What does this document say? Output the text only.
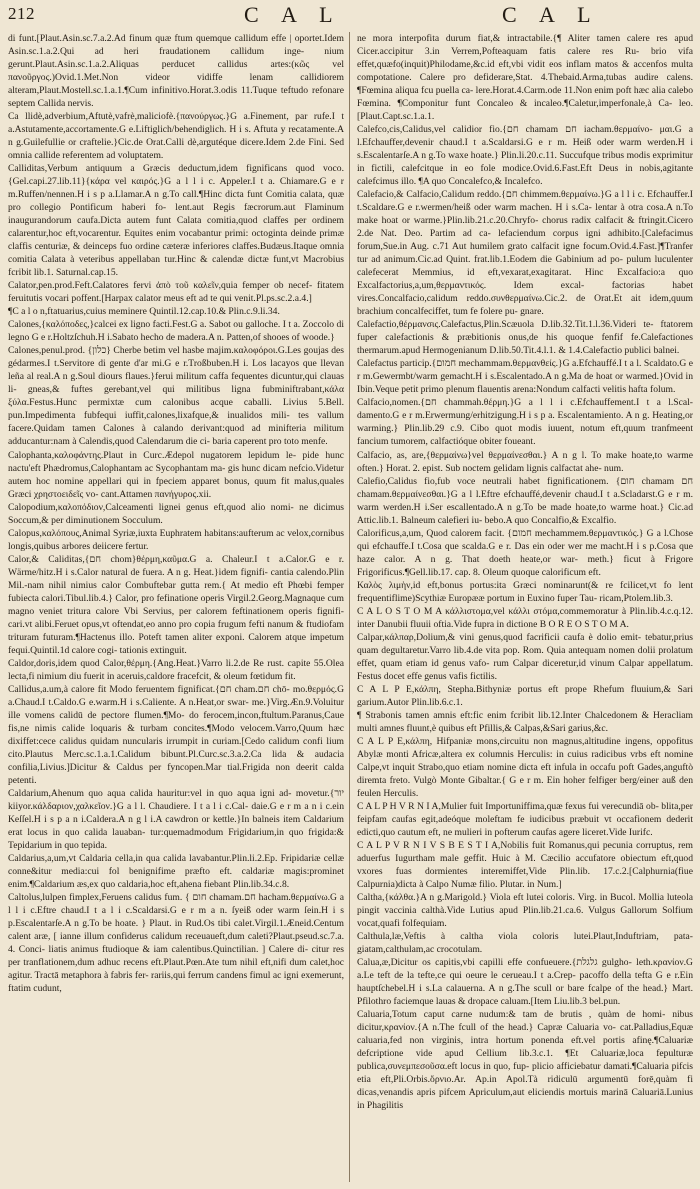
212	C A L	C A L

di funt.[Plaut.Asin.sc.7.a.2.Ad finum quæ ftum quemque callidum effe | oportet.Idem Asin.sc.1.a.2.Qui ad heri fraudationem callidum inge- nium gerunt.Plaut.Asin.sc.1.a.2.Aliquas perducet callidus artes:(κῶς vel πανοῦργος.)Ovid.1.Met.Non videor vidiffe lenam callidiorem alteram,Plaut.Mostell.sc.1.a.1.¶Cum infinitivo.Horat.3.odis 11.Tuque teftudo refonare septem Callida nervis.

Ca llidè,adverbium,Aftutè,vafrè,maliciofè.{πανούργως.}G a.Finement, par rufe.I t a.Astutamente,accortamente.G e.Liftiglich/behendiglich. H i s. Aftuta y recatamente.A n g.Guilefullie or craftelie.}Cic.de Orat.Calli dè,argutéque dicere.Idem 2.de Fini. Sed omnia callide referentem ad voluptatem.

Calliditas,Verbum antiquum a Græcis deductum,idem fignificans quod voco.{Gel.capi.27.lib.11}{κάρα vel καιρός.}G a l l i c. Appeler.I t a. Chiamare.G e r m.Ruffen/nennen.H i s p a.Llamar.A n g.To call.¶Hinc dicta funt Comitia calata, quæ pro collegio Pontificum haberi fo- lent.aut Regis fæcrorum.aut Flaminum inaugurandorum caufa.Dicta autem funt Calata comitia,quod claffes per ordinem calarentur,hoc eft,vocarentur. Equites enim vocabantur primi: octoginta deinde primæ claffis centuriæ, & deinceps fuo ordine cæteræ inferiores claffes.Budæus.Itaque omnia comitia Calata à veteribus appellaban tur.Hinc & calendæ dictæ funt,vt Macrobius fcribit lib.1. Saturnal.cap.15.

Calator,pen.prod.Feft.Calatores fervi ἀπὸ τοῦ καλεῖν,quia femper ob necef- fitatem feruitutis vocari poffent.[Harpax calator meus eft ad te qui venit.Pl.ps.sc.2.a.4.]

¶C a l o n,ftatuarius,cuius meminere Quintil.12.cap.10.& Plin.c.9.li.34.

Calones,{καλόποδες,}calcei ex ligno facti.Fest.G a. Sabot ou galloche. I t a. Zoccolo di legno G e r.Holtzſchuh.H i.Sabato hecho de madera.A n. Patten,of shooes of woode.}

Calones,penul.prod. {כלון} Cherbe betim vel hasbe majim.καλοφόροι.G.Les goujas des gédarmes.I t.Servitore di gente d'ar mi.G e r.Troßbuben.H i. Los lacayos que llevan leña al real.A n g.Soul diours flaues.}ferui militum caffa fequentes dicuntur,qui clauas li- gneas,& fuftes gerebant,vel qui militibus ligna fubminiftrabant,κάλα ξύλα.Festus.Hunc permixtæ cum calonibus acque caballi. Livius 5.Bell. pun.Impedimenta fubfequi iuffit,calones,lixafque,& inualidos mili- tes vallum facere.Quidam tamen Calones à calando derivant:quod ad minifteria militum adducantur:nam à Calendis,quod Calendarum die ci- baria caperent pro toto menfe.

Calophanta,καλοφάντης.Plaut in Curc.Ædepol nugatorem lepidum le- pide hunc nactu'eft Phædromus,Calophantam ac Sycophantam ma- gis hunc dicam nefcio.Videtur autem hoc nomine appellari qui in fpeciem apparet bonus, quum fit malus,quales Græci χρηστοειδεῖς vo- cant.Attamen πανήγυρος.xii.

Calopodium,καλοπόδιον,Calceamenti lignei genus eft,quod alio nomi- ne dicimus Soccum,& per diminutionem Socculum.

Calopus,καλόπους,Animal Syriæ,iuxta Euphratem habitans:aufterum ac velox,cornibus longis,quibus arbores deiicere fertur.

Calor,& Caliditas,{חם chom}θέρμη,καῦμα.G a. Chaleur.I t a.Calor.G e r. Wärme/hitz.H i s.Calor natural de fuera. A n g. Heat.}idem fignifi- cantia calendo.Plin Mil.-nam nihil nimius calor Combuftebar gutta rem.{ At medio eft Phœbi femper fubiecta calori.Tibul.lib.4.} Calor, pro fefinatione operis Virgil.2.Georg.Magnaque cum magno veniet tritura calore Vbi Servius, per calorem feftinationem operis fignifi- cari.vt alibi.Feruet opus,vt oftendat,eo anno pro copia frugum fefti nanum & ftudiofam trituram futuram.¶Hactenus illo. Poteft tamen aliter exponi. Calorem atque impetum fequi.Quintil.1d calore cogi- tationis extinguit.

Caldor,doris,idem quod Calor,θέρμη.{Ang.Heat.}Varro li.2.de Re rust. capite 55.Olea lecta,fi nimium diu fuerit in aceruis,caldore fracefcit, & oleum fœtidum fit.

Callidus,a.um,à calore fit Modo feruentem fignificat.{חם cham.חם chō- mo.θερμός.G a.Chaud.I t.Caldo.G e.warm.H i s.Caliente. A n.Heat,or swar- me.}Virg.Æn.9.Voluitur ille vomens calidū de pectore flumen.¶Mo- do ferocem,incon,ftultum.Paranus,Caue fis,ne nimis calide loquaris & turbam concites.¶Modo velocem.Varro,Quum hæc dixiffet:cece calidus quidam nuncularis irrumpit in curiam.[Cedo calidum confi lium cito.Plautus Merc.sc.1.a.1.Calidum bibunt.Pl.Curc.sc.3.a.2.Ca lida & audacia confilia,Livius.]Dicitur & Caldus per fyncopen.Mar tial.Frigida non deerit calda petenti.

Caldarium,Ahenum quo aqua calida hauritur:vel in quo aqua igni ad- movetur.{יור kiiyor.κάλδαριον,χαλκεῖον.}G a l l. Chaudiere. I t a l i c.Cal- daie.G e r m a n i c.ein Keſſel.H i s p a n i.Caldera.A n g l i.A cawdron or kettle.}In balneis item Caldarium erat locus in quo calida lauaban- tur:quemadmodum Frigidarium,in quo frigida:& Tepidarium in quo tepida.

Caldarius,a,um,vt Caldaria cella,in qua calida lavabantur.Plin.li.2.Ep. Fripidariæ cellæ conne&itur media:cui fol benignifime præfto eft. caldariæ magis:prominet enim.¶Caldarium æs,ex quo caldaria,hoc eft,ahena fiebant Plin.lib.34.c.8.

Caltolus,lulpen fimplex,Feruens calidus fum. { חום chamam.חם hacham.θερμαίνω.G a l l i c.Eftre chaud.I t a l i c.Scaldarsi.G e r m a n. ſyeiß oder warm ſein.H i s p.Escalentarſe.A n g.To be hoate. } Plaut. in Rud.Os tibi calet.Virgil.1.Æneid.Centum calent aræ, [ ianne illum confiderus calidum receuaueft,dum caleti?Plaut.pseud.sc.7.a. 4. Conci- liatis animus ftudioque & iam calentibus.Quinctilian. ] Calere di- citur res per tranflationem,dum adhuc recens eft.Plaut.Pœn.Ate tum nihil eft,nifi dum calet,hoc agitur. Tractā metaphora à fabris fer- rariis,qui ferrum candens fimul ac igni exemerunt, ftatim cudunt,

ne mora interpofita durum fiat,& intractabile.{¶ Aliter tamen calere res apud Cicer.accipitur 3.in Verrem,Pofteaquam fatis calere res Ru- brio vifa effet,quæfo(inquit)Philodame,&c.id eft,vbi vidit eos inflam matos & accenfos multa compotatione. Calere pro defiderare,Stat. 4.Thebaid.Arma,tubas audire calens. ¶Fœmina aliqua fcu puella ca- lere.Horat.4.Carm.ode 11.Non enim poft hæc alia calebo Fœmina. ¶Componitur funt Concaleo & incaleo.¶Caletur,imperfonale,à Ca- leo.[Plaut.Capt.sc.1.a.1.

Calefco,cis,Calidus,vel calidior fio.{חם chamam חם iacham.θερμαίνο- μαι.G a l.Efchauffer,devenir chaud.I t a.Scaldarsi.G e r m. Heiß oder warm werden.H i s.Escalentarſe.A n g.To waxe hoate.} Plin.li.20.c.11. Succufque tribus modis exprimitur in fictili, calefcitque in eo fole modice.Ovid.6.Fast.Eft Deus in nobis,agitante calefcimus illo. ¶A quo Concalefco,& Incalefco.

Calefacio,& Calfacio,Calidum reddo.{חם chimmem.θερμαίνω.}G a l l i c. Efchauffer.I t.Scaldare.G e r.wermen/heiß oder warm machen. H i s.Ca- lentar à otra cosa.A n.To make hoat or warme.}Plin.lib.21.c.20.Chryfo- chorus radix calfacit & ftringit.Cicero 2.de Nat. Deo. Partim ad ca- lefaciendum corpus igni adhibito.[Calefacimus forum,Sue.in Aug. c.71 Aut humilem grato calfacit igne focum.Ovid.4.Fast.]¶Tranfer tur ad animum.Cic.ad Quint. frat.lib.1.Eodem die Gabinium ad po- pulum luculenter calefecerat Memmius, id eft,vexarat,exagitarat. Hinc Excalfacio:a quo Excalfactorius,a,um,θερμαντικός. Idem excal- factorias habet vires.Concalfacio,calidum reddo.συνθερμαίνω.Cic.2. de Orat.Et ait idem,quum brachium concalfeciffet, tum fe folere pu- gnare.

Calefactio,θέρμανσις.Calefactus,Plin.Scæuola D.lib.32.Tit.1.l.36.Videri te- ftatorem fuper calefactionis & præbitionis onus,de his quoque fenfif fe.Calefactiones thermarum.apud Hermogenianum D.lib.50.Tit.4.l.1. & 1.4.Calefactio publici balnei.

Calefactus particip.{חמום mechammam.θερμανθείς.}G a.Efchauffé.I t a l. Scaldato.G e r m.Gewermbt/warm gemacht.H i s.Escalentado.A n g.Ma de hoat or warmed.}Ovid in Ibin.Veque petit primo plenum flauentis arena:Nondum calfacti velitis hafta folum.

Calfacio,nomen.{חם chammah.θέρμη.}G a l l i c.Efchauffement.I t a l.Scal- damento.G e r m.Erwermung/erhitzigung.H i s p a. Escalentamiento. A n g. Heating,or warming.} Plin.lib.29 c.9. Cibo quot modis iuuent, notum eft,quum tranfmeent fancium tumorem, calfactióque obiter foueant.

Calfacio, as, are,{θερμαίνω}vel θερμαίνεσθαι.} A n g l. To make hoate,to warme often.} Horat. 2. epist. Sub noctem gelidam lignis calfactat ahe- num.

Calefio,Calidus fio,fub voce neutrali habet fignificationem. {חום chamam חם chamam.θερμαίνεσθαι.}G a l l.Eftre efchauffé,devenir chaud.I t a.Scladarst.G e r m. warm werden.H i.Ser escallentado.A n g.To be made hoate,to warme hoat.} Cic.ad Attic.lib.1. Balneum calefieri iu- bebo.A quo Concalfio,& Excalfio.

Calorificus,a,um, Quod calorem facit. {חמום mechammem.θερμαντικός.} G a l.Chose qui efchauffe.I t.Cosa que scalda.G e r. Das ein oder wer me macht.H i s p.Cosa que haze calor. A n g. That doeth heate,or war- meth.} ficut à Frigore Frigorificus.¶Gell.lib.17. cap. 8. Oleum quoque calorificum eft.

Καλὸς λιμὴν,id eft,bonus portus:ita Græci nominarunt(& re fcilicet,vt fo lent frequentiflime)Scythiæ Europææ portum in Euxino fuper Tau- ricam,Ptolem.lib.3.

C A L O S T O M A κάλλιστομα,vel κάλλι στόμα,commemoratur à Plin.lib.4.c.q.12. inter Danubii fluuii oftia.Vide fupra in dictione B O R E O S T O M A.

Calpar,κάλπαρ,Dolium,& vini genus,quod facrificii caufa è dolio emit- tebatur,prius quam degultaretur.Varro lib.4.de vita pop. Rom. Quia antequam nomen dolii prolatum effet, quam etiam id genus vafo- rum Calpar diceretur,id vinum Calpar appellatum. Festus docet effe genus vafis fictilis.

C A L P E,κάλπη, Stepha.Bithyniæ portus eft prope Rhefum fluuium,& Sari garium.Autor Plin.lib.6.c.1.

¶ Strabonis tamen amnis eft:fic enim fcribit lib.12.Inter Chalcedonem & Heracliam multi amnes fluunt,è quibus eft Pfillis,& Calpas,&Sari garius,&c.

C A L P E,κάλπη, Hifpaniæ mons,circuitu non magnus,altitudine ingens, oppofitus Abylæ monti Africæ,altera ex columnis Herculis: in cuius radicibus vrbs eft nomine Calpe,vt inquit Strabo,quo etiam nomine dicta eft infula in occafu poft Gades,anguftò diremta freto. Vulgò Monte Gibaltar.{ G e r m. Ein hoher felfiger berg/einer auß den feulen Herculis.

C A L P H V R N I A,Mulier fuit Importuniffima,quæ fexus fui verecundiā ob- blita,per feipfam caufas egit,adeóque moleftam fe iudicibus præbuit vt occafionem dederit edicti,quo cautum eft, ne mulieri in pofterum caufas agere liceret.Vide Iurifc.

C A L P V R N I V S B E S T I A,Nobilis fuit Romanus,qui pecunia corruptus, rem aduerfus Iugurtham male geffit. Huic à M. Cæcilio accufatore obiectum eft,quod vxores fuas dormientes interemiffet,Vide Plin.lib. 17.c.2.[Calphurnia(fiue Calpurnia)dicta à Calpo Numæ filio. Plutar. in Num.]

Caltha,{κάλθα.}A n g.Marigold.} Viola eft lutei coloris. Virg. in Bucol. Mollia luteola pingit vaccinia calthà.Vide Lutius apud Plin.lib.21.ca.6. Vulgus Gallorum Solfium vocat,quafi folfequiam.

Calthula,læ,Veftis à caltha viola coloris lutei.Plaut,Induftriam, pata- giatam,calthulam,ac crocotulam.

Calua,æ,Dicitur os capitis,vbi capilli effe confueuere.{גלגלת gulgho- leth.κρανίον.G a.Le teft de la tefte,ce qui oeure le cerueau.I t a.Crep- pacoffo della tefta G e r.Ein hauptſchebel.H i s.La calauerna. A n g.The scull or bare fcalpe of the head.} Mart. Pfilothro faciemque lauas & dropace caluam.[Item Liu.lib.3 bel.pun.

Caluaria,Totum caput carne nudum:& tam de brutis , quàm de homi- nibus dicitur,κρανίον.{A n.The fcull of the head.} Capræ Caluaria vo- cat.Palladius,Equæ caluaria,fed non virginis, intra hortum ponenda eft.vel portis afinę.¶Caluariæ defcriptione vide apud Cellium lib.3.c.1. ¶Et Caluariæ,loca fepulturæ publica,συνεμπεσοῦσα.eft locus in quo, fup- plicio afficiebatur damati.¶Caluaria pifcis etia eft,Pli.Orbis.ὄρνιο.Ar. Ap.in Apol.Tà ridiculū argumentū forē,quàm fi dicas,venandis apris pifcem Apriculum,aut eliciendis mortuis marinā Caluariā.Lunius in Phagilitis
